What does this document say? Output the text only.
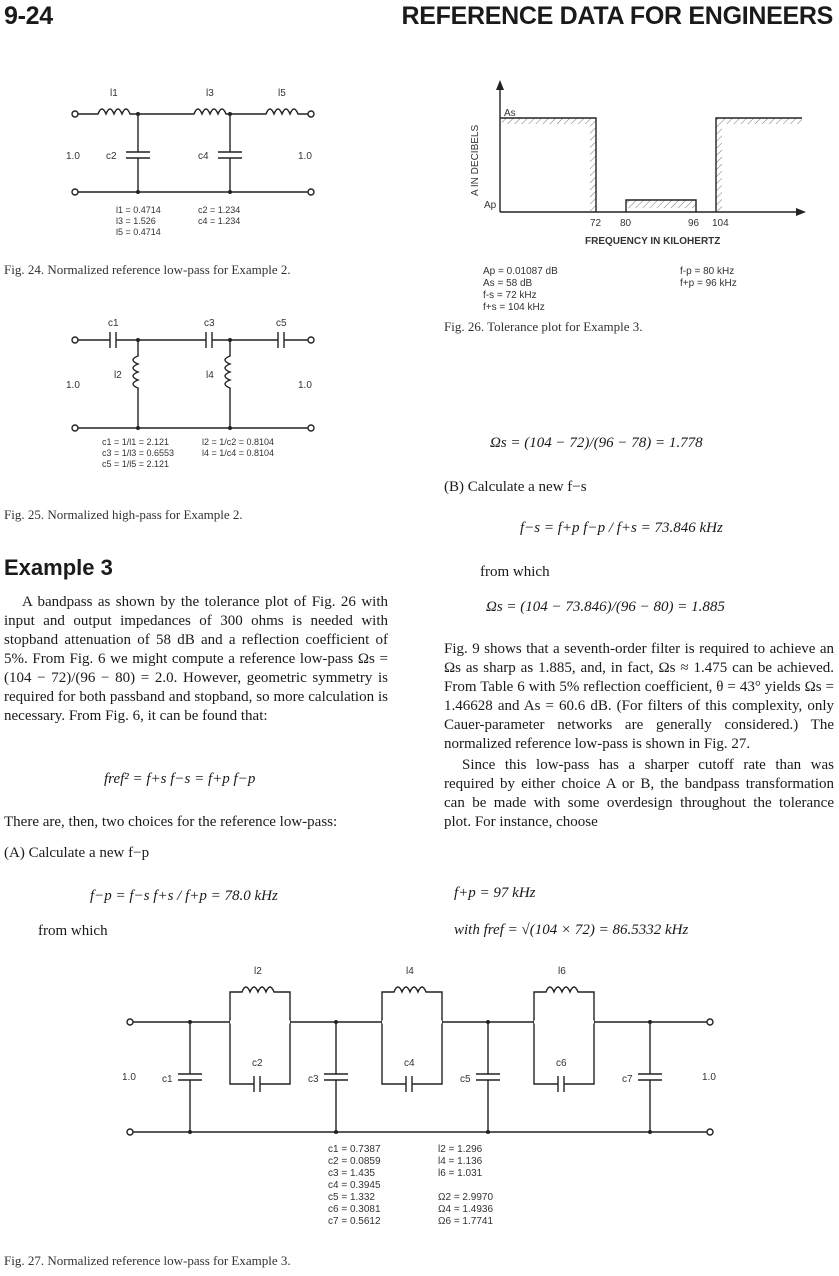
9-24	REFERENCE DATA FOR ENGINEERS
l1	l3	l5
c2	c4
1.0	1.0
l1 = 0.4714
l3 = 1.526
l5 = 0.4714
c2 = 1.234
c4 = 1.234
Fig. 24. Normalized reference low-pass for Example 2.
c1	c3	c5
l2	l4
1.0	1.0
c1 = 1/l1 = 2.121
c3 = 1/l3 = 0.6553
c5 = 1/l5 = 2.121
l2 = 1/c2 = 0.8104
l4 = 1/c4 = 0.8104
Fig. 25. Normalized high-pass for Example 2.
Example 3
A bandpass as shown by the tolerance plot of Fig. 26 with input and output impedances of 300 ohms is needed with stopband attenuation of 58 dB and a reflection coefficient of 5%. From Fig. 6 we might compute a reference low-pass Ωs = (104 − 72)/(96 − 80) = 2.0. However, geometric symmetry is required for both passband and stopband, so more calculation is necessary. From Fig. 6, it can be found that:
fref² = f+s f−s = f+p f−p
There are, then, two choices for the reference low-pass:
(A) Calculate a new f−p
f−p = f−s f+s / f+p = 78.0 kHz
from which
As
Ap
A IN DECIBELS
72 80	96 104
FREQUENCY IN KILOHERTZ
Ap = 0.01087 dB
As = 58 dB
f-s = 72 kHz
f+s = 104 kHz
f-p = 80 kHz
f+p = 96 kHz
Fig. 26. Tolerance plot for Example 3.
Ωs = (104 − 72)/(96 − 78) = 1.778
(B) Calculate a new f−s
f−s = f+p f−p / f+s = 73.846 kHz
from which
Ωs = (104 − 73.846)/(96 − 80) = 1.885
Fig. 9 shows that a seventh-order filter is required to achieve an Ωs as sharp as 1.885, and, in fact, Ωs ≈ 1.475 can be achieved. From Table 6 with 5% reflection coefficient, θ = 43° yields Ωs = 1.46628 and As = 60.6 dB. (For filters of this complexity, only Cauer-parameter networks are generally considered.) The normalized reference low-pass is shown in Fig. 27.
Since this low-pass has a sharper cutoff rate than was required by either choice A or B, the bandpass transformation can be made with some overdesign throughout the tolerance plot. For instance, choose
f+p = 97 kHz
with fref = √(104 × 72) = 86.5332 kHz
l2	l4	l6
c2	c4	c6
c1	c3	c5	c7
1.0	1.0
c1 = 0.7387
c2 = 0.0859
c3 = 1.435
c4 = 0.3945
c5 = 1.332
c6 = 0.3081
c7 = 0.5612
l2 = 1.296
l4 = 1.136
l6 = 1.031
Ω2 = 2.9970
Ω4 = 1.4936
Ω6 = 1.7741
Fig. 27. Normalized reference low-pass for Example 3.
